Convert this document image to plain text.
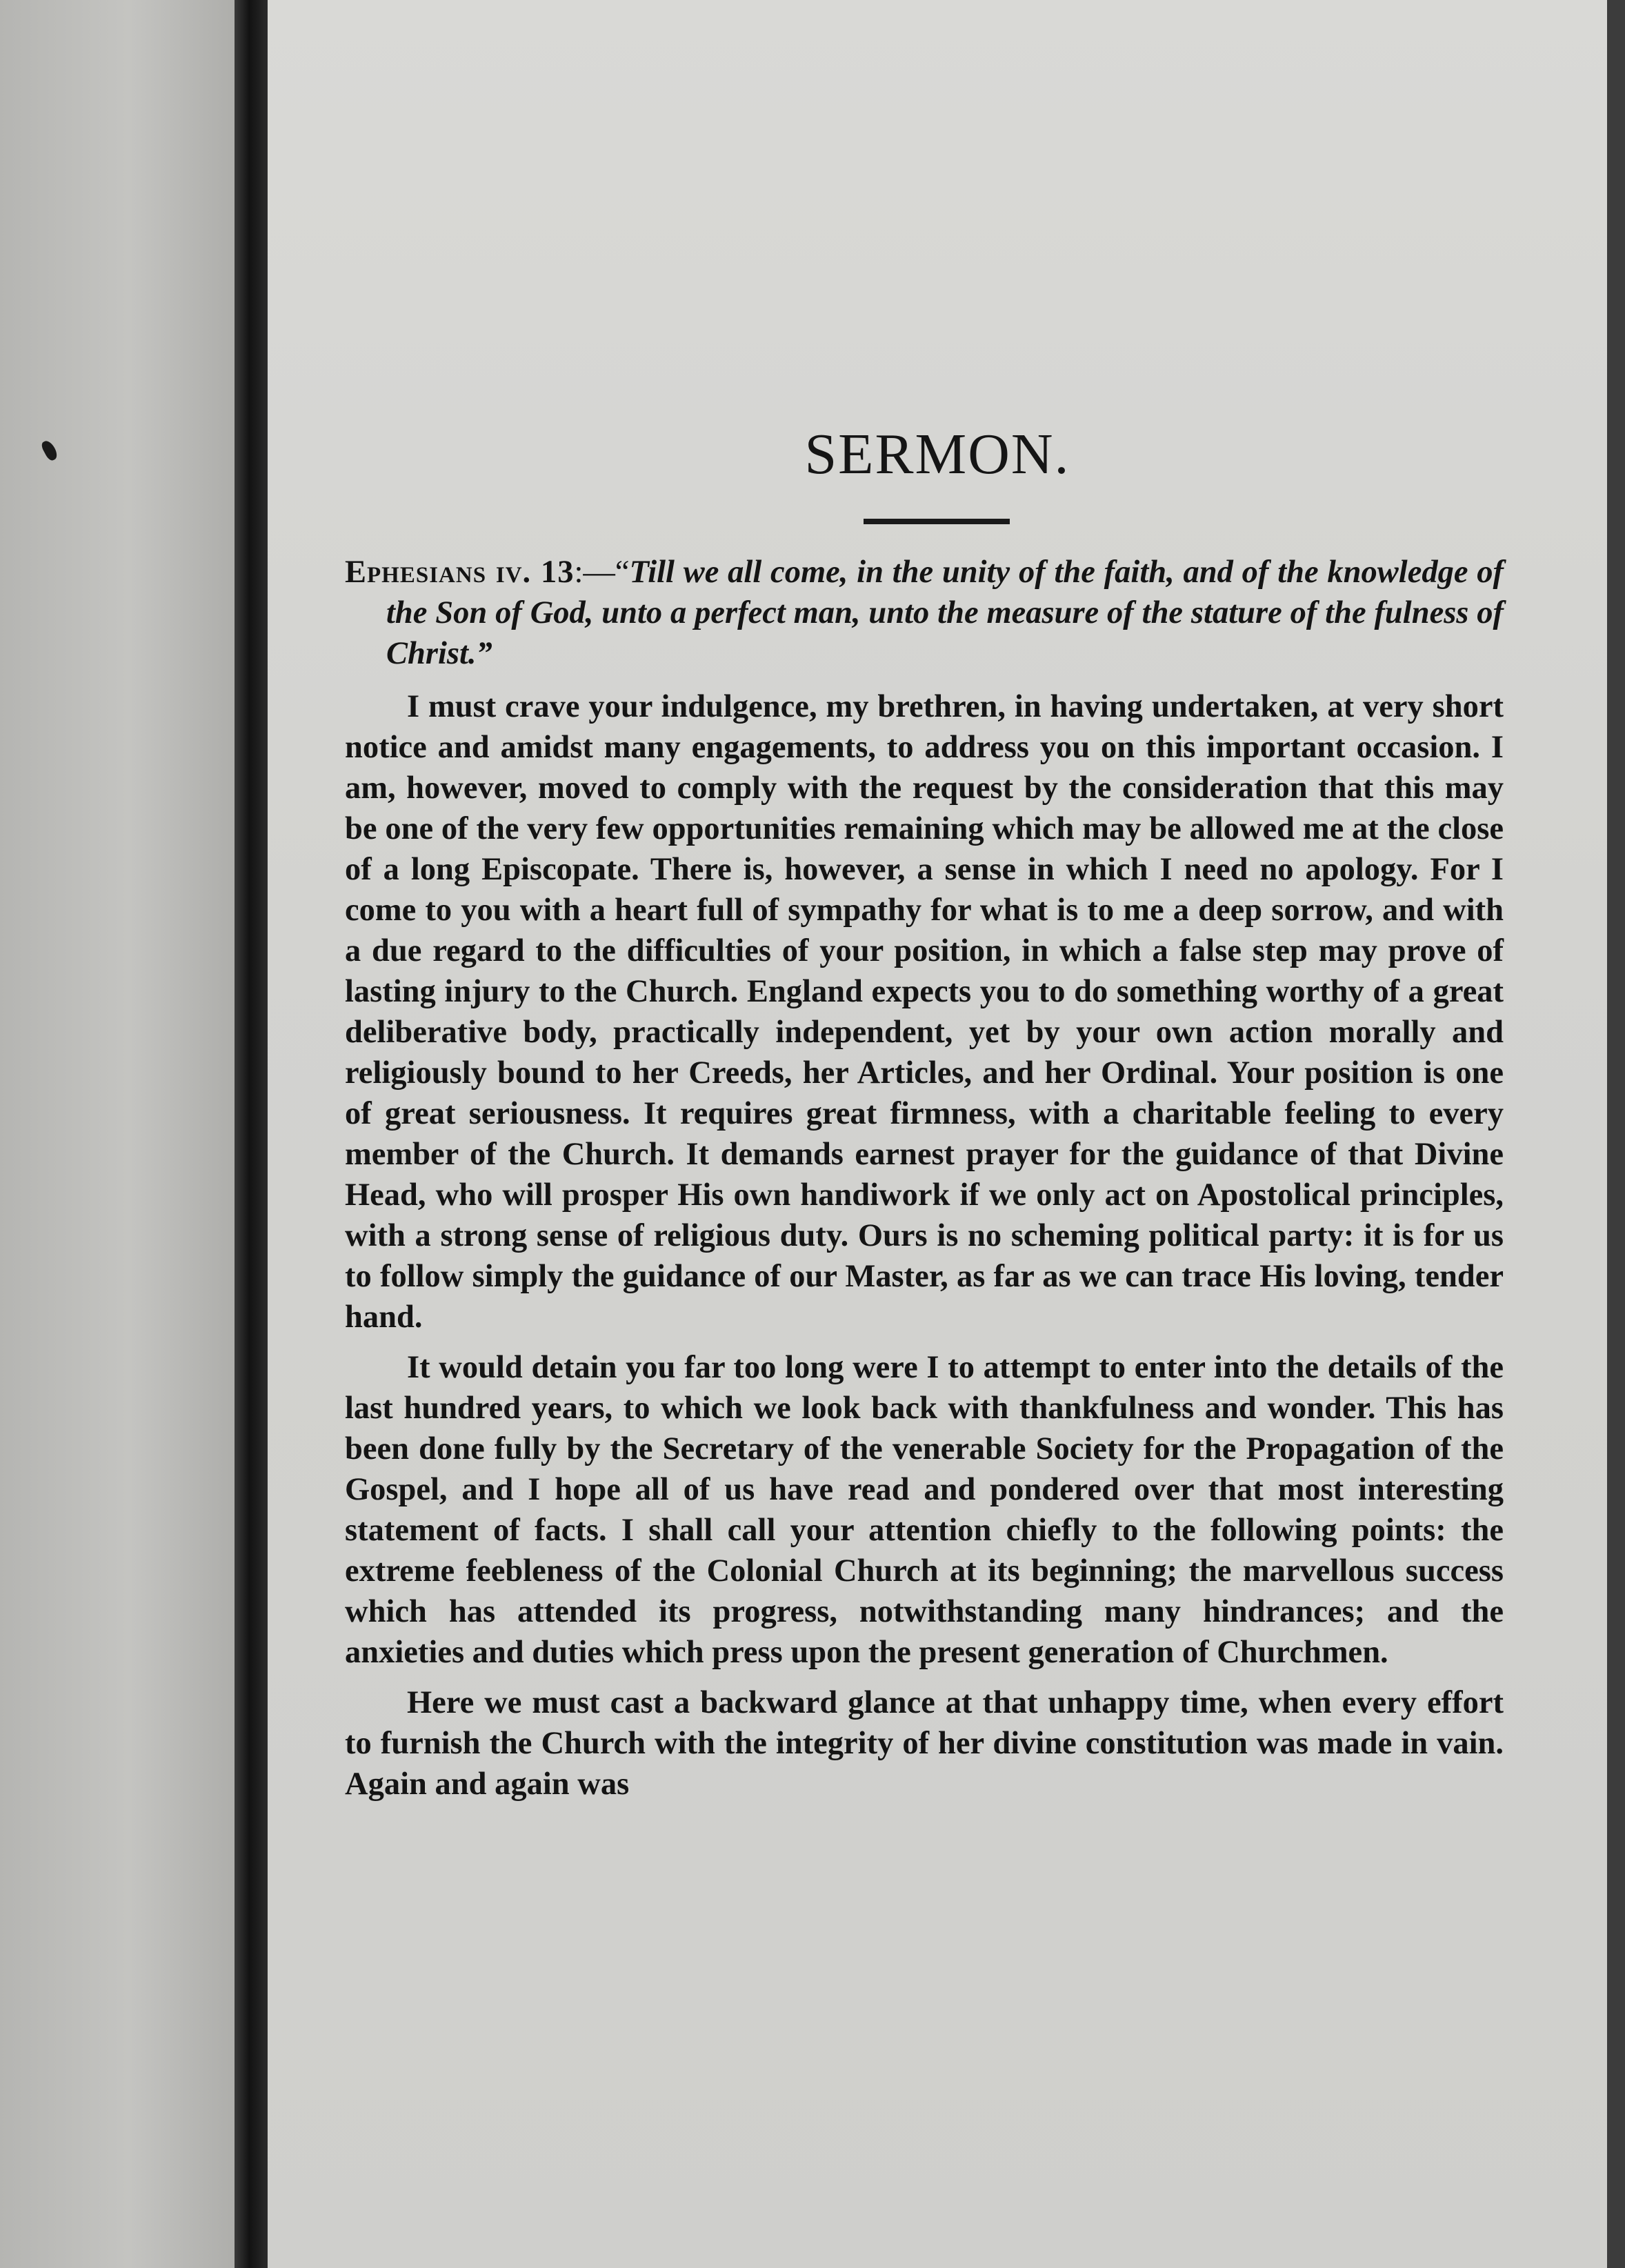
SERMON.

Ephesians iv. 13:—“Till we all come, in the unity of the faith, and of the knowledge of the Son of God, unto a perfect man, unto the measure of the stature of the fulness of Christ.”

I must crave your indulgence, my brethren, in having undertaken, at very short notice and amidst many engagements, to address you on this important occasion. I am, however, moved to comply with the request by the consideration that this may be one of the very few opportunities remaining which may be allowed me at the close of a long Episcopate. There is, however, a sense in which I need no apology. For I come to you with a heart full of sympathy for what is to me a deep sorrow, and with a due regard to the difficulties of your position, in which a false step may prove of lasting injury to the Church. England expects you to do something worthy of a great deliberative body, practically independent, yet by your own action morally and religiously bound to her Creeds, her Articles, and her Ordinal. Your position is one of great seriousness. It requires great firmness, with a charitable feeling to every member of the Church. It demands earnest prayer for the guidance of that Divine Head, who will prosper His own handiwork if we only act on Apostolical principles, with a strong sense of religious duty. Ours is no scheming political party: it is for us to follow simply the guidance of our Master, as far as we can trace His loving, tender hand.

It would detain you far too long were I to attempt to enter into the details of the last hundred years, to which we look back with thankfulness and wonder. This has been done fully by the Secretary of the venerable Society for the Propagation of the Gospel, and I hope all of us have read and pondered over that most interesting statement of facts. I shall call your attention chiefly to the following points: the extreme feebleness of the Colonial Church at its beginning; the marvellous success which has attended its progress, notwithstanding many hindrances; and the anxieties and duties which press upon the present generation of Churchmen.

Here we must cast a backward glance at that unhappy time, when every effort to furnish the Church with the integrity of her divine constitution was made in vain. Again and again was
